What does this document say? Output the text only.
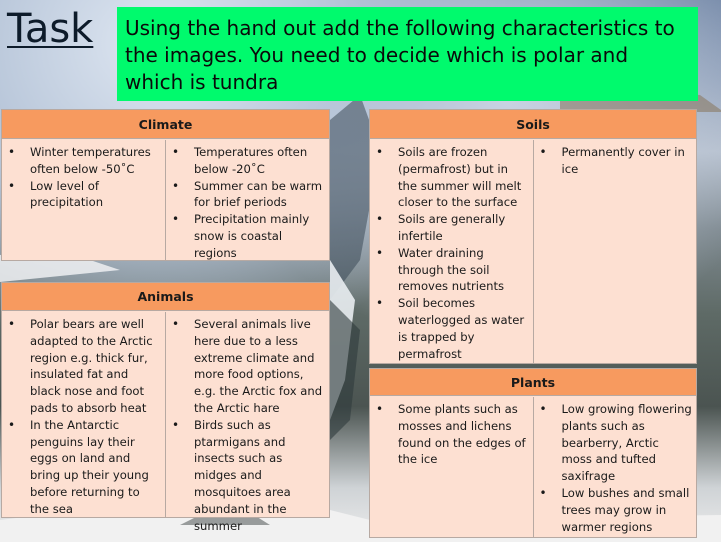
Task	Using the hand out add the following characteristics to the images. You need to decide which is polar and which is tundra
Climate
• Winter temperatures often below -50˚C
• Low level of precipitation
• Temperatures often below -20˚C
• Summer can be warm for brief periods
• Precipitation mainly snow is coastal regions
Animals
• Polar bears are well adapted to the Arctic region e.g. thick fur, insulated fat and black nose and foot pads to absorb heat
• In the Antarctic penguins lay their eggs on land and bring up their young before returning to the sea
• Several animals live here due to a less extreme climate and more food options, e.g. the Arctic fox and the Arctic hare
• Birds such as ptarmigans and insects such as midges and mosquitoes area abundant in the summer
Soils
• Soils are frozen (permafrost) but in the summer will melt closer to the surface
• Soils are generally infertile
• Water draining through the soil removes nutrients
• Soil becomes waterlogged as water is trapped by permafrost
• Permanently cover in ice
Plants
• Some plants such as mosses and lichens found on the edges of the ice
• Low growing flowering plants such as bearberry, Arctic moss and tufted saxifrage
• Low bushes and small trees may grow in warmer regions
